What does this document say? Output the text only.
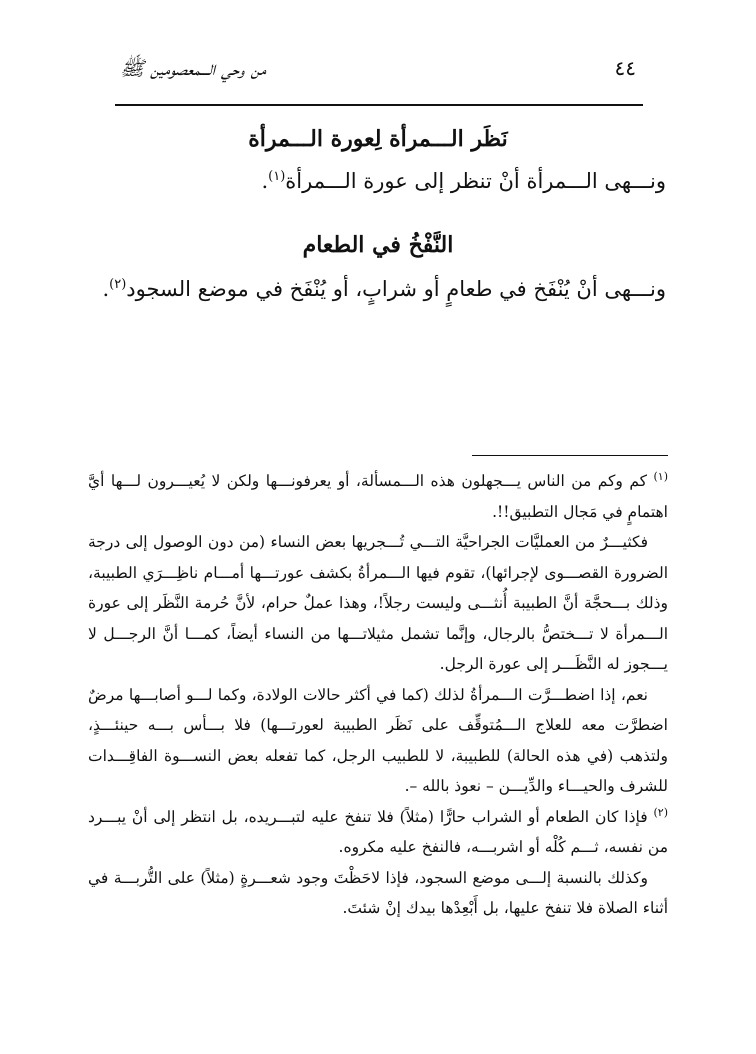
٤٤
من وحي الـــمعصومين ﷺ
نَظَر الـــمرأة لِعورة الـــمرأة
ونـــهى الـــمرأة أنْ تنظر إلى عورة الـــمرأة$^{(١)}$.
النَّفْخُ في الطعام
ونـــهى أنْ يُنْفَخ في طعامٍ أو شرابٍ، أو يُنْفَخ في موضع السجود$^{(٢)}$.

$^{(١)}$ كم وكم من الناس يـــجهلون هذه الـــمسألة، أو يعرفونـــها ولكن لا يُعيـــرون لـــها أيَّ اهتمامٍ في مَجال التطبيق!!.

فكثيـــرٌ من العمليَّات الجراحيَّة التـــي تُـــجريها بعض النساء (من دون الوصول إلى درجة الضرورة القصـــوى لإجرائها)، تقوم فيها الـــمرأةُ بكشف عورتـــها أمـــام ناظِـــرَي الطبيبة، وذلك بـــحجَّة أنَّ الطبيبة أُنثـــى وليست رجلاً!، وهذا عملٌ حرام، لأنَّ حُرمة النَّظَر إلى عورة الـــمرأة لا تـــختصُّ بالرجال، وإنَّما تشمل مثيلاتـــها من النساء أيضاً، كمـــا أنَّ الرجـــل لا يـــجوز له النَّظَـــر إلى عورة الرجل.

نعم، إذا اضطـــرَّت الـــمرأةُ لذلك (كما في أكثر حالات الولادة، وكما لـــو أصابـــها مرضٌ اضطرَّت معه للعلاج الـــمُتوقِّف على نَظَر الطبيبة لعورتـــها) فلا بـــأس بـــه حينئـــذٍ، ولتذهب (في هذه الحالة) للطبيبة، لا للطبيب الرجل، كما تفعله بعض النســـوة الفاقِـــدات للشرف والحيـــاء والدِّيـــن – نعوذ بالله –.

$^{(٢)}$ فإذا كان الطعام أو الشراب حارًّا (مثلاً) فلا تنفخ عليه لتبـــريده، بل انتظر إلى أنْ يبـــرد من نفسه، ثـــم كُلْه أو اشربـــه، فالنفخ عليه مكروه.

وكذلك بالنسبة إلـــى موضع السجود، فإذا لاحَظْتَ وجود شعـــرةٍ (مثلاً) على التُّربـــة في أثناء الصلاة فلا تنفخ عليها، بل أَبْعِدْها بيدك إنْ شئتَ.
